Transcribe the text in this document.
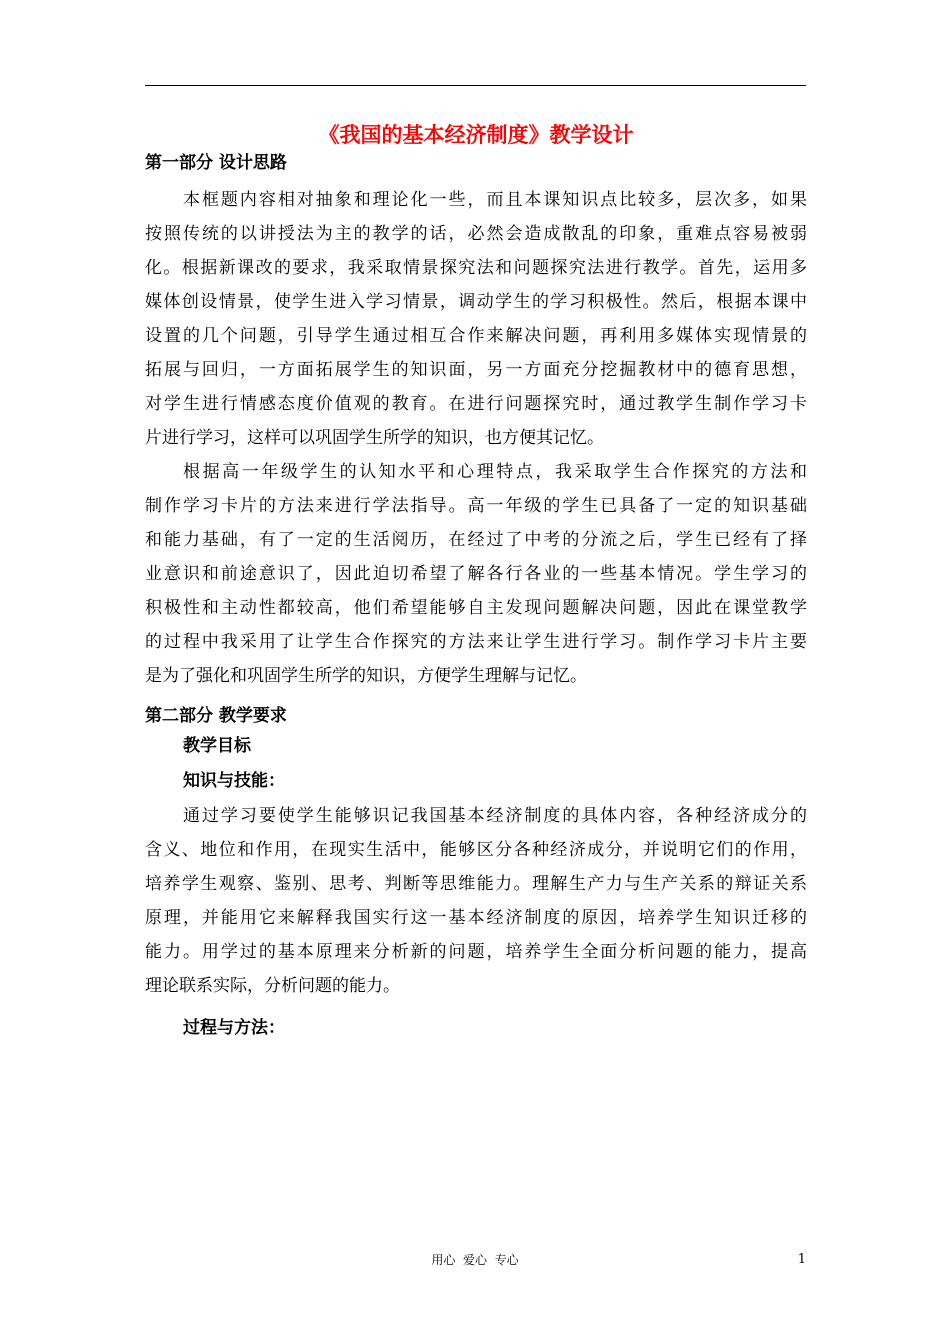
《我国的基本经济制度》教学设计
第一部分 设计思路

本框题内容相对抽象和理论化一些，而且本课知识点比较多，层次多，如果
按照传统的以讲授法为主的教学的话，必然会造成散乱的印象，重难点容易被弱
化。根据新课改的要求，我采取情景探究法和问题探究法进行教学。首先，运用多
媒体创设情景，使学生进入学习情景，调动学生的学习积极性。然后，根据本课中
设置的几个问题，引导学生通过相互合作来解决问题，再利用多媒体实现情景的
拓展与回归，一方面拓展学生的知识面，另一方面充分挖掘教材中的德育思想，
对学生进行情感态度价值观的教育。在进行问题探究时，通过教学生制作学习卡
片进行学习，这样可以巩固学生所学的知识，也方便其记忆。

根据高一年级学生的认知水平和心理特点，我采取学生合作探究的方法和
制作学习卡片的方法来进行学法指导。高一年级的学生已具备了一定的知识基础
和能力基础，有了一定的生活阅历，在经过了中考的分流之后，学生已经有了择
业意识和前途意识了，因此迫切希望了解各行各业的一些基本情况。学生学习的
积极性和主动性都较高，他们希望能够自主发现问题解决问题，因此在课堂教学
的过程中我采用了让学生合作探究的方法来让学生进行学习。制作学习卡片主要
是为了强化和巩固学生所学的知识，方便学生理解与记忆。

第二部分 教学要求
教学目标
知识与技能：

通过学习要使学生能够识记我国基本经济制度的具体内容，各种经济成分的
含义、地位和作用，在现实生活中，能够区分各种经济成分，并说明它们的作用，
培养学生观察、鉴别、思考、判断等思维能力。理解生产力与生产关系的辩证关系
原理，并能用它来解释我国实行这一基本经济制度的原因，培养学生知识迁移的
能力。用学过的基本原理来分析新的问题，培养学生全面分析问题的能力，提高
理论联系实际，分析问题的能力。

过程与方法：
用心  爱心  专心	1
